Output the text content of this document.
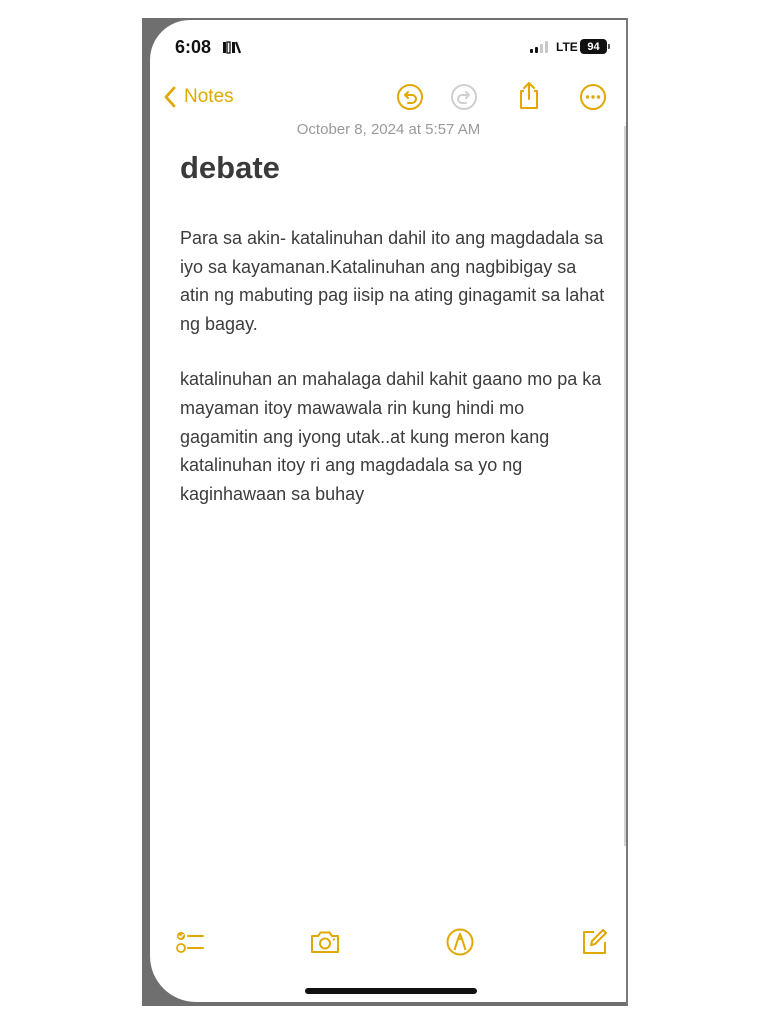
6:08	LTE 94
Notes
October 8, 2024 at 5:57 AM
debate

Para sa akin- katalinuhan dahil ito ang magdadala sa iyo sa kayamanan.Katalinuhan ang nagbibigay sa atin ng mabuting pag iisip na ating ginagamit sa lahat ng bagay.

katalinuhan an mahalaga dahil kahit gaano mo pa ka mayaman itoy mawawala rin kung hindi mo gagamitin ang iyong utak..at kung meron kang katalinuhan itoy ri ang magdadala sa yo ng kaginhawaan sa buhay
